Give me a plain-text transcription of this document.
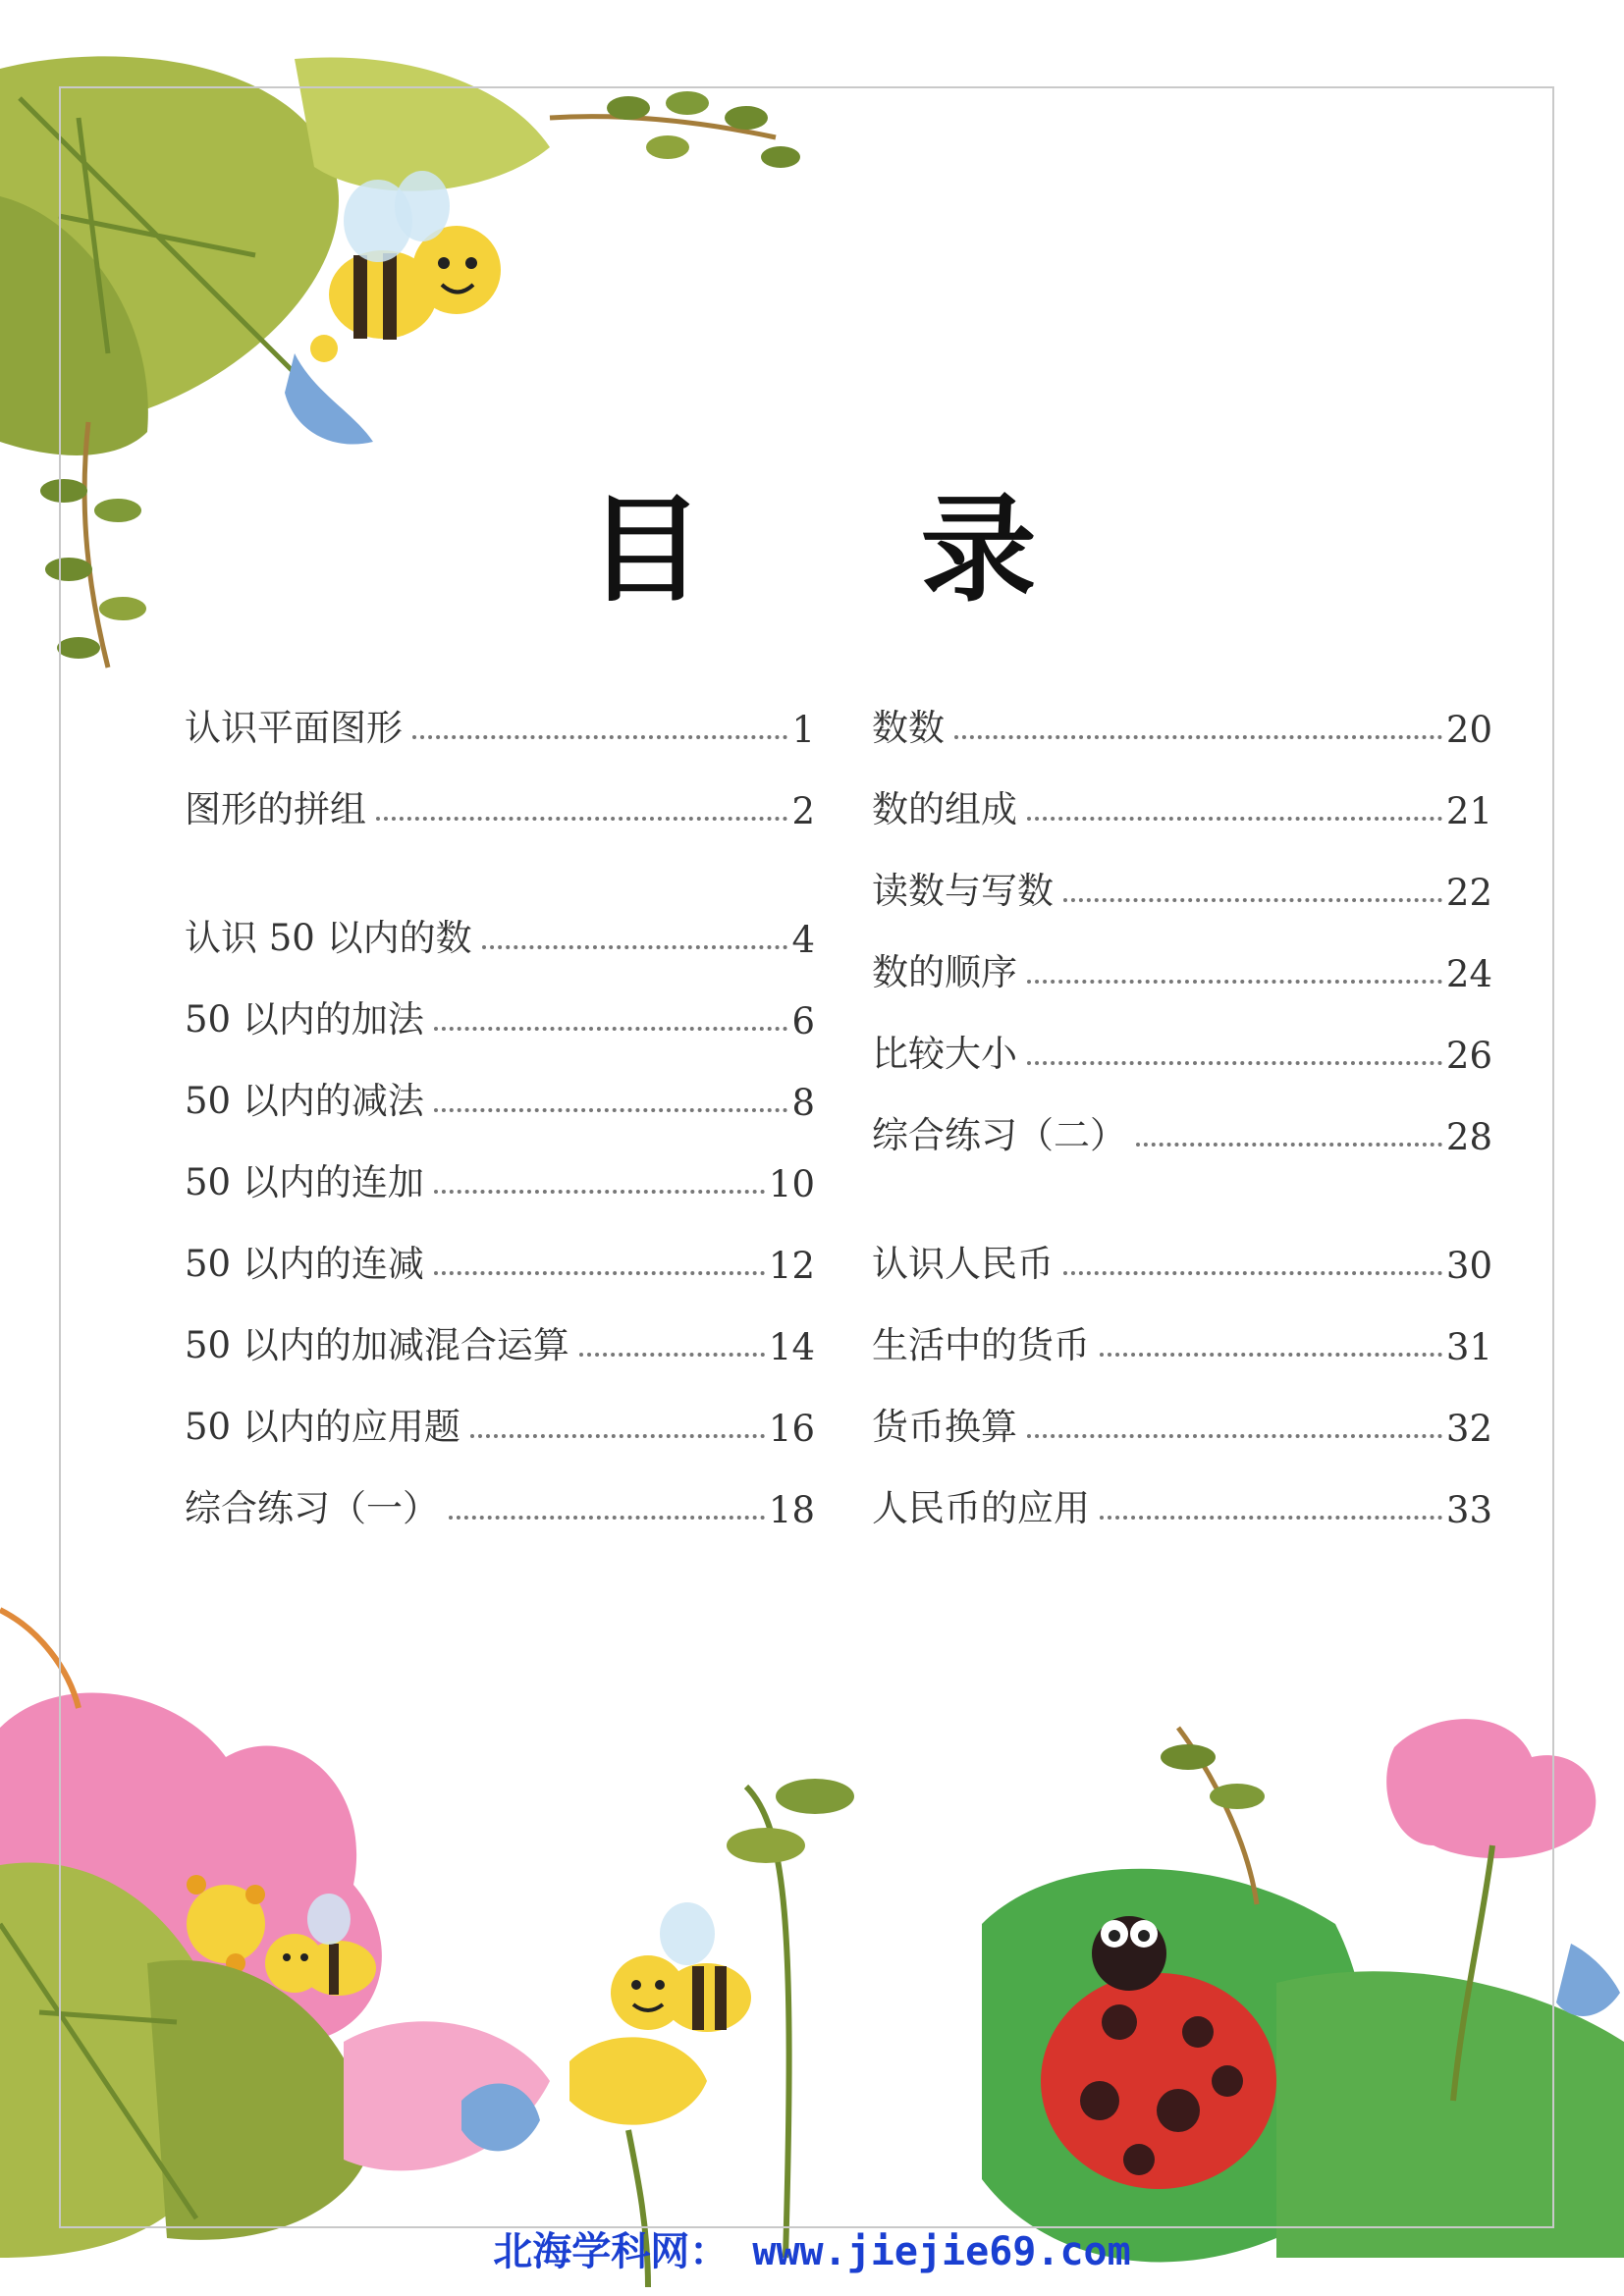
目 录
认识平面图形	1
图形的拼组	2
认识 50 以内的数	4
50 以内的加法	6
50 以内的减法	8
50 以内的连加	10
50 以内的连减	12
50 以内的加减混合运算	14
50 以内的应用题	16
综合练习（一）	18
数数	20
数的组成	21
读数与写数	22
数的顺序	24
比较大小	26
综合练习（二）	28
认识人民币	30
生活中的货币	31
货币换算	32
人民币的应用	33
北海学科网： www.jiejie69.com
